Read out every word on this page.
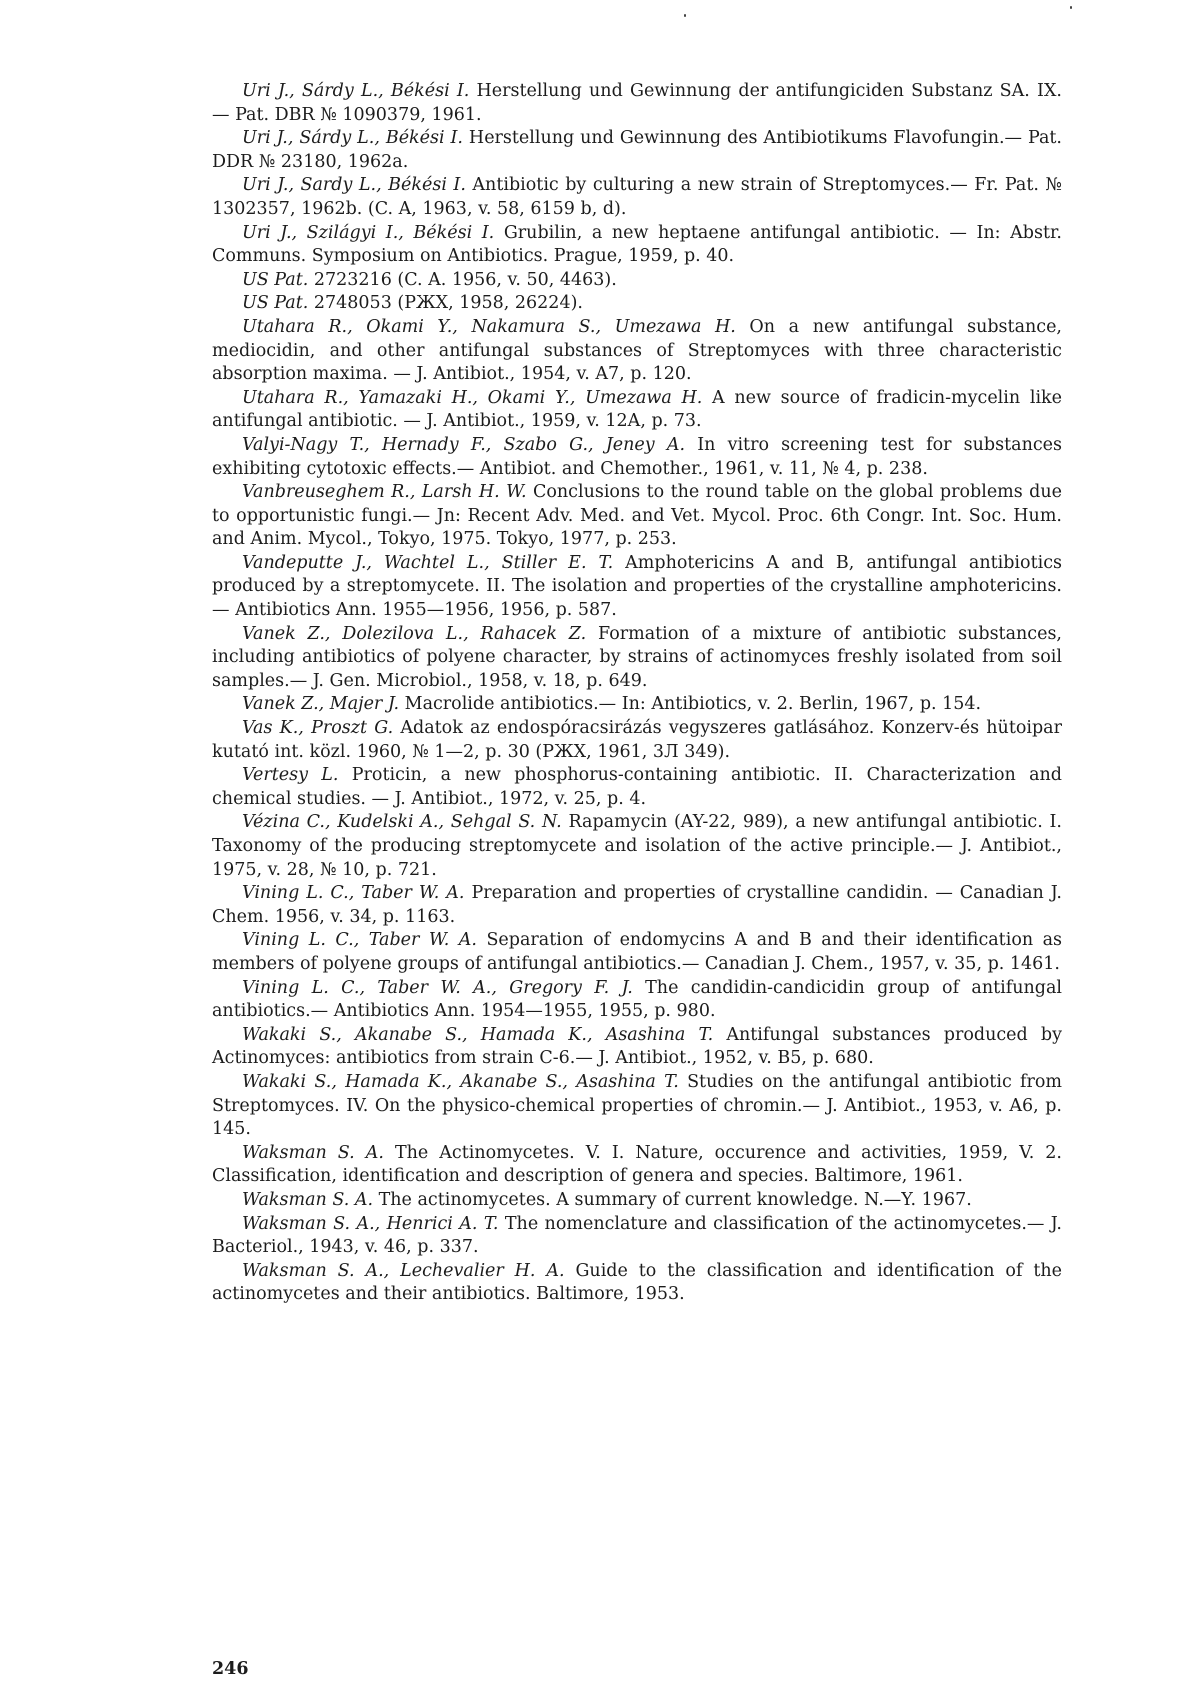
Uri J., Sárdy L., Békési I. Herstellung und Gewinnung der antifungiciden Substanz SA. IX. — Pat. DBR № 1090379, 1961.

Uri J., Sárdy L., Békési I. Herstellung und Gewinnung des Antibiotikums Flavofungin.— Pat. DDR № 23180, 1962a.

Uri J., Sardy L., Békési I. Antibiotic by culturing a new strain of Streptomyces.— Fr. Pat. № 1302357, 1962b. (C. A, 1963, v. 58, 6159 b, d).

Uri J., Szilágyi I., Békési I. Grubilin, a new heptaene antifungal antibiotic. — In: Abstr. Communs. Symposium on Antibiotics. Prague, 1959, p. 40.

US Pat. 2723216 (C. A. 1956, v. 50, 4463).

US Pat. 2748053 (РЖХ, 1958, 26224).

Utahara R., Okami Y., Nakamura S., Umezawa H. On a new antifungal substance, mediocidin, and other antifungal substances of Streptomyces with three characteristic absorption maxima. — J. Antibiot., 1954, v. A7, p. 120.

Utahara R., Yamazaki H., Okami Y., Umezawa H. A new source of fradicin-mycelin like antifungal antibiotic. — J. Antibiot., 1959, v. 12A, p. 73.

Valyi-Nagy T., Hernady F., Szabo G., Jeney A. In vitro screening test for substances exhibiting cytotoxic effects.— Antibiot. and Chemother., 1961, v. 11, № 4, p. 238.

Vanbreuseghem R., Larsh H. W. Conclusions to the round table on the global problems due to opportunistic fungi.— Jn: Recent Adv. Med. and Vet. Mycol. Proc. 6th Congr. Int. Soc. Hum. and Anim. Mycol., Tokyo, 1975. Tokyo, 1977, p. 253.

Vandeputte J., Wachtel L., Stiller E. T. Amphotericins A and B, antifungal antibiotics produced by a streptomycete. II. The isolation and properties of the crystalline amphotericins.— Antibiotics Ann. 1955—1956, 1956, p. 587.

Vanek Z., Dolezilova L., Rahacek Z. Formation of a mixture of antibiotic substances, including antibiotics of polyene character, by strains of actinomyces freshly isolated from soil samples.— J. Gen. Microbiol., 1958, v. 18, p. 649.

Vanek Z., Majer J. Macrolide antibiotics.— In: Antibiotics, v. 2. Berlin, 1967, p. 154.

Vas K., Proszt G. Adatok az endospóracsirázás vegyszeres gatlásához. Konzerv-és hütoipar kutató int. közl. 1960, № 1—2, p. 30 (РЖХ, 1961, 3Л 349).

Vertesy L. Proticin, a new phosphorus-containing antibiotic. II. Characterization and chemical studies. — J. Antibiot., 1972, v. 25, p. 4.

Vézina C., Kudelski A., Sehgal S. N. Rapamycin (AY-22, 989), a new antifungal antibiotic. I. Taxonomy of the producing streptomycete and isolation of the active principle.— J. Antibiot., 1975, v. 28, № 10, p. 721.

Vining L. C., Taber W. A. Preparation and properties of crystalline candidin. — Canadian J. Chem. 1956, v. 34, p. 1163.

Vining L. C., Taber W. A. Separation of endomycins A and B and their identification as members of polyene groups of antifungal antibiotics.— Canadian J. Chem., 1957, v. 35, p. 1461.

Vining L. C., Taber W. A., Gregory F. J. The candidin-candicidin group of antifungal antibiotics.— Antibiotics Ann. 1954—1955, 1955, p. 980.

Wakaki S., Akanabe S., Hamada K., Asashina T. Antifungal substances produced by Actinomyces: antibiotics from strain C-6.— J. Antibiot., 1952, v. B5, p. 680.

Wakaki S., Hamada K., Akanabe S., Asashina T. Studies on the antifungal antibiotic from Streptomyces. IV. On the physico-chemical properties of chromin.— J. Antibiot., 1953, v. A6, p. 145.

Waksman S. A. The Actinomycetes. V. I. Nature, occurence and activities, 1959, V. 2. Classification, identification and description of genera and species. Baltimore, 1961.

Waksman S. A. The actinomycetes. A summary of current knowledge. N.—Y. 1967.

Waksman S. A., Henrici A. T. The nomenclature and classification of the actinomycetes.— J. Bacteriol., 1943, v. 46, p. 337.

Waksman S. A., Lechevalier H. A. Guide to the classification and identification of the actinomycetes and their antibiotics. Baltimore, 1953.

246
